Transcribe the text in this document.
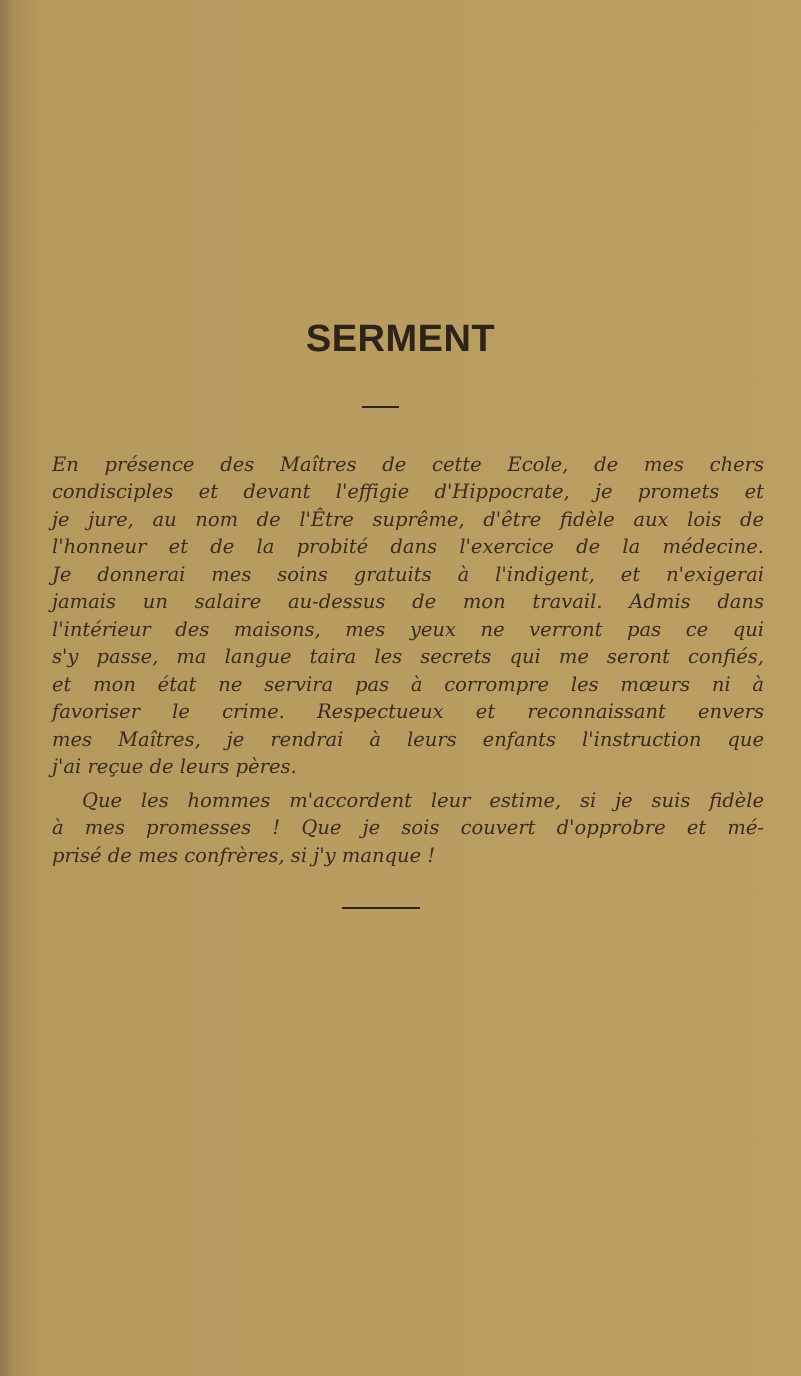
SERMENT
En présence des Maîtres de cette Ecole, de mes chers
condisciples et devant l'effigie d'Hippocrate, je promets et
je jure, au nom de l'Être suprême, d'être fidèle aux lois de
l'honneur et de la probité dans l'exercice de la médecine.
Je donnerai mes soins gratuits à l'indigent, et n'exigerai
jamais un salaire au-dessus de mon travail. Admis dans
l'intérieur des maisons, mes yeux ne verront pas ce qui
s'y passe, ma langue taira les secrets qui me seront confiés,
et mon état ne servira pas à corrompre les mœurs ni à
favoriser le crime. Respectueux et reconnaissant envers
mes Maîtres, je rendrai à leurs enfants l'instruction que
j'ai reçue de leurs pères.
Que les hommes m'accordent leur estime, si je suis fidèle
à mes promesses ! Que je sois couvert d'opprobre et mé-
prisé de mes confrères, si j'y manque !
